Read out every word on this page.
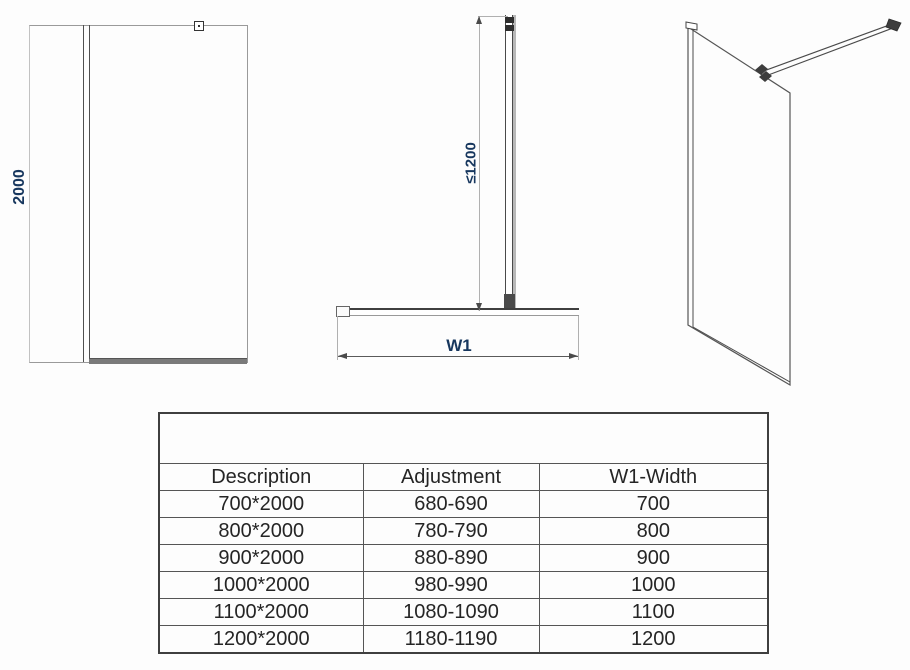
2000
≤1200
W1

Description	Adjustment	W1-Width
700*2000	680-690	700
800*2000	780-790	800
900*2000	880-890	900
1000*2000	980-990	1000
1100*2000	1080-1090	1100
1200*2000	1180-1190	1200
